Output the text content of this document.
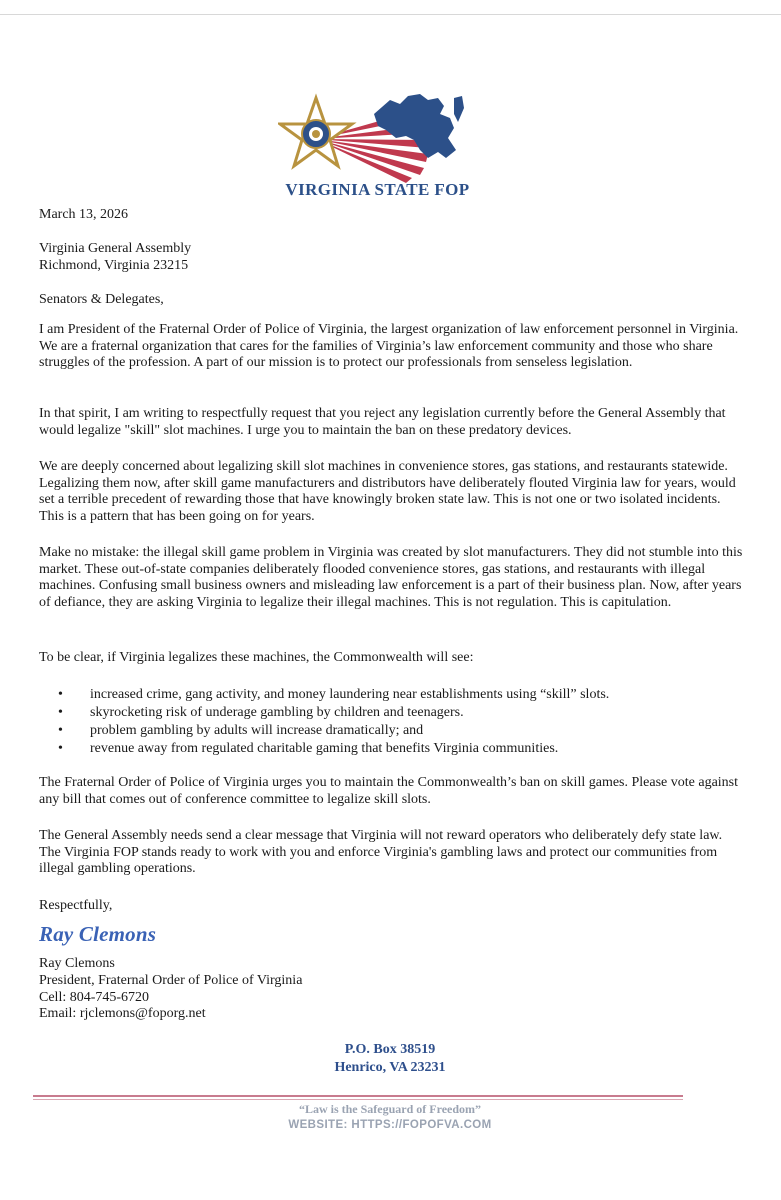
VIRGINIA STATE FOP
March 13, 2026
Virginia General Assembly
Richmond, Virginia 23215
Senators & Delegates,
I am President of the Fraternal Order of Police of Virginia, the largest organization of law enforcement personnel in Virginia. We are a fraternal organization that cares for the families of Virginia’s law enforcement community and those who share struggles of the profession. A part of our mission is to protect our professionals from senseless legislation.
In that spirit, I am writing to respectfully request that you reject any legislation currently before the General Assembly that would legalize "skill" slot machines. I urge you to maintain the ban on these predatory devices.
We are deeply concerned about legalizing skill slot machines in convenience stores, gas stations, and restaurants statewide. Legalizing them now, after skill game manufacturers and distributors have deliberately flouted Virginia law for years, would set a terrible precedent of rewarding those that have knowingly broken state law. This is not one or two isolated incidents. This is a pattern that has been going on for years.
Make no mistake: the illegal skill game problem in Virginia was created by slot manufacturers. They did not stumble into this market. These out-of-state companies deliberately flooded convenience stores, gas stations, and restaurants with illegal machines. Confusing small business owners and misleading law enforcement is a part of their business plan. Now, after years of defiance, they are asking Virginia to legalize their illegal machines. This is not regulation. This is capitulation.
To be clear, if Virginia legalizes these machines, the Commonwealth will see:
• increased crime, gang activity, and money laundering near establishments using “skill” slots.
• skyrocketing risk of underage gambling by children and teenagers.
• problem gambling by adults will increase dramatically; and
• revenue away from regulated charitable gaming that benefits Virginia communities.
The Fraternal Order of Police of Virginia urges you to maintain the Commonwealth’s ban on skill games. Please vote against any bill that comes out of conference committee to legalize skill slots.
The General Assembly needs send a clear message that Virginia will not reward operators who deliberately defy state law. The Virginia FOP stands ready to work with you and enforce Virginia's gambling laws and protect our communities from illegal gambling operations.
Respectfully,
Ray Clemons
Ray Clemons
President, Fraternal Order of Police of Virginia
Cell: 804-745-6720
Email: rjclemons@foporg.net
P.O. Box 38519
Henrico, VA 23231
“Law is the Safeguard of Freedom”
WEBSITE: HTTPS://FOPOFVA.COM
